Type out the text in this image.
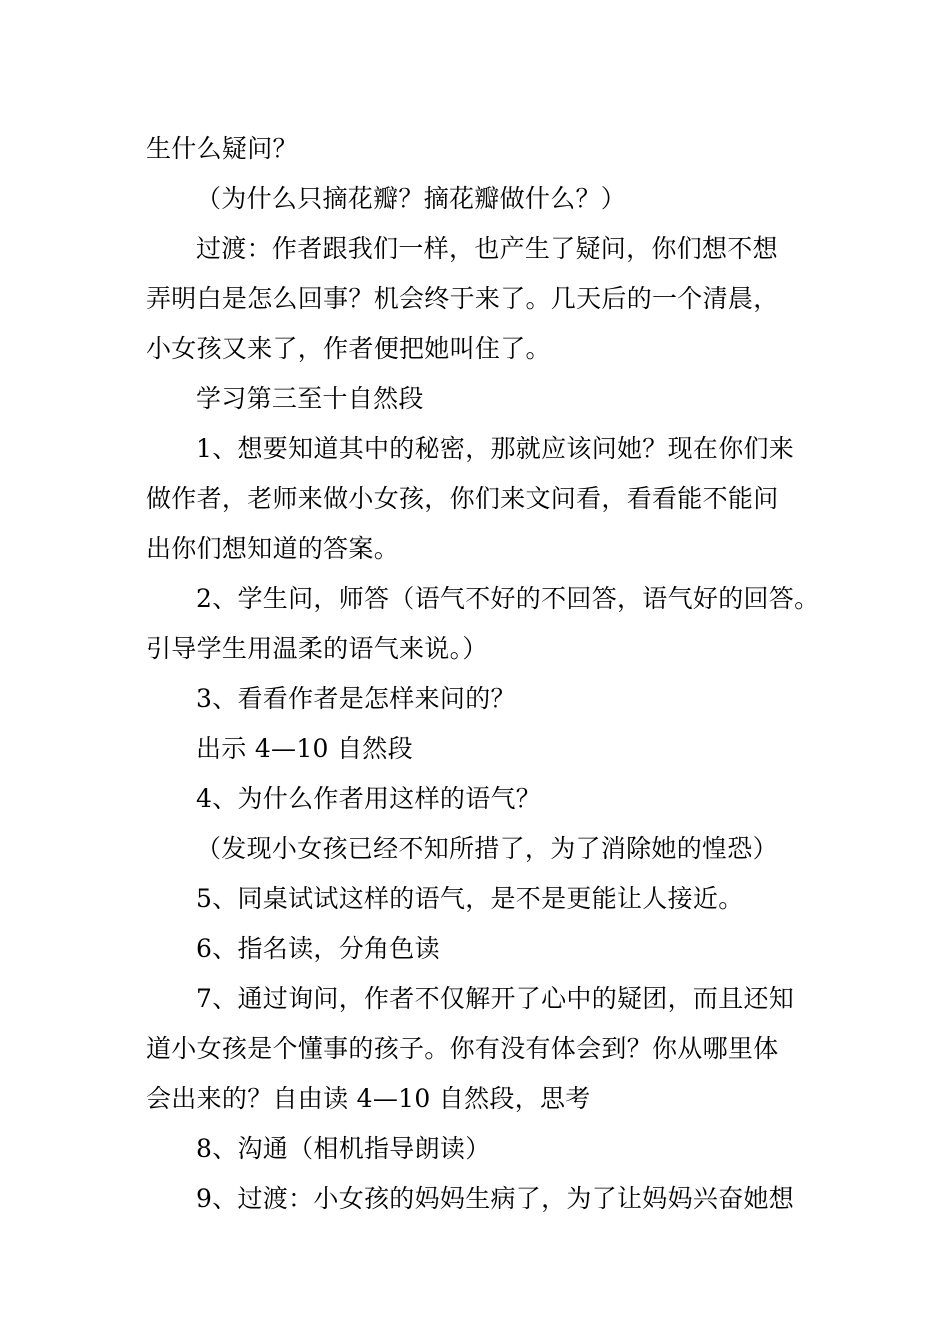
生什么疑问？
（为什么只摘花瓣？摘花瓣做什么？）
过渡：作者跟我们一样，也产生了疑问，你们想不想
弄明白是怎么回事？机会终于来了。几天后的一个清晨，
小女孩又来了，作者便把她叫住了。
学习第三至十自然段
1、想要知道其中的秘密，那就应该问她？现在你们来
做作者，老师来做小女孩，你们来文问看，看看能不能问
出你们想知道的答案。
2、学生问，师答（语气不好的不回答，语气好的回答。
引导学生用温柔的语气来说。）
3、看看作者是怎样来问的？
出示 4—10 自然段
4、为什么作者用这样的语气？
（发现小女孩已经不知所措了，为了消除她的惶恐）
5、同桌试试这样的语气，是不是更能让人接近。
6、指名读，分角色读
7、通过询问，作者不仅解开了心中的疑团，而且还知
道小女孩是个懂事的孩子。你有没有体会到？你从哪里体
会出来的？自由读 4—10 自然段，思考
8、沟通（相机指导朗读）
9、过渡：小女孩的妈妈生病了，为了让妈妈兴奋她想
